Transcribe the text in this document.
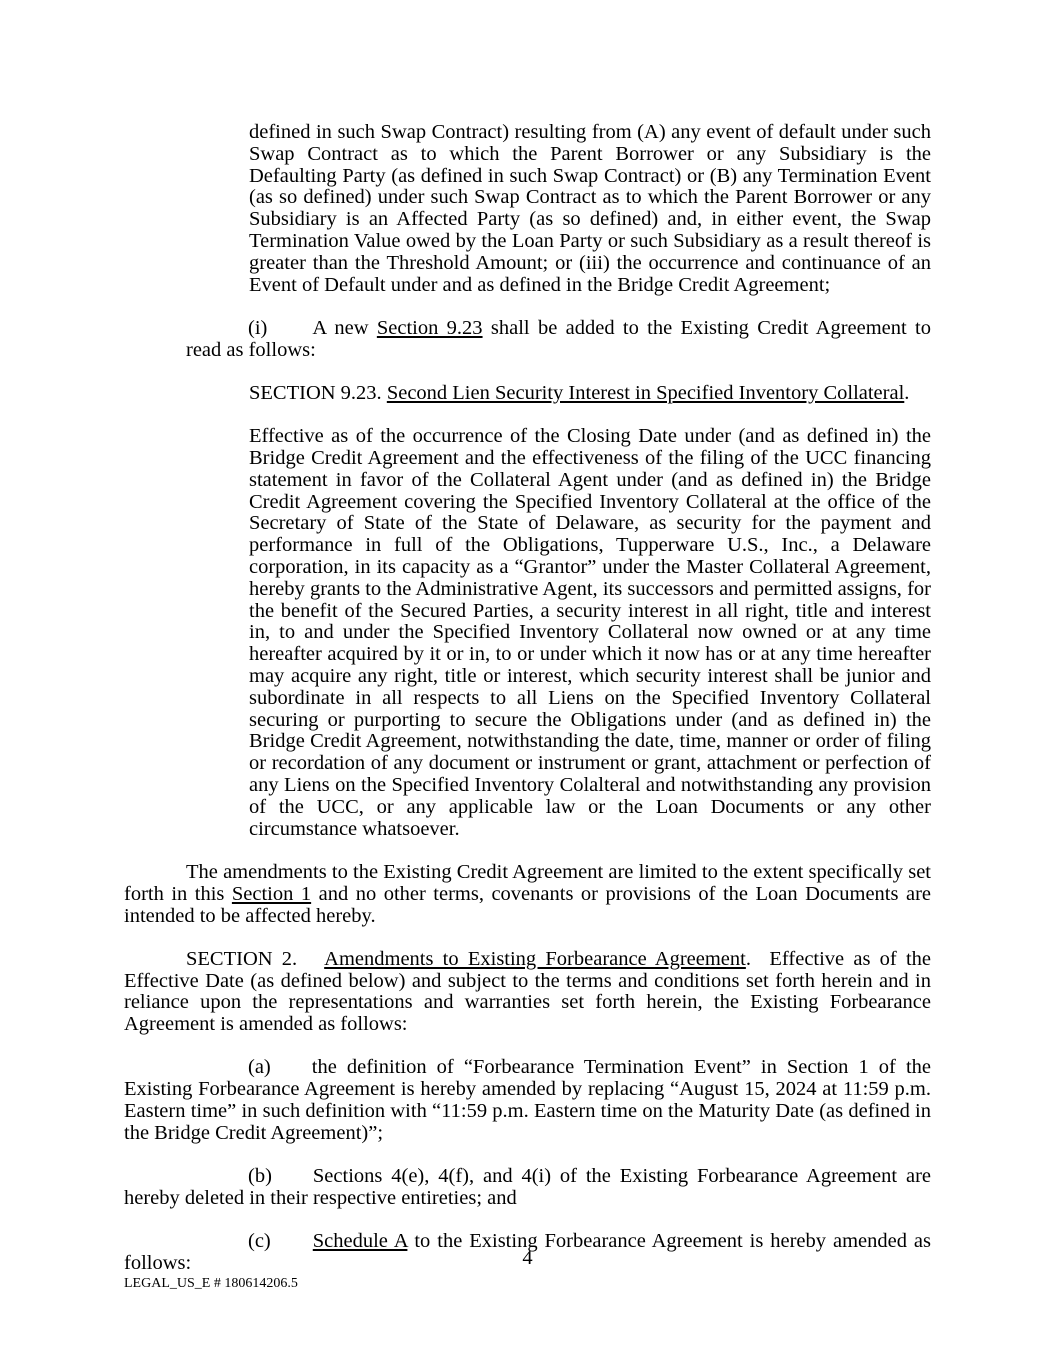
defined in such Swap Contract) resulting from (A) any event of default under such Swap Contract as to which the Parent Borrower or any Subsidiary is the Defaulting Party (as defined in such Swap Contract) or (B) any Termination Event (as so defined) under such Swap Contract as to which the Parent Borrower or any Subsidiary is an Affected Party (as so defined) and, in either event, the Swap Termination Value owed by the Loan Party or such Subsidiary as a result thereof is greater than the Threshold Amount; or (iii) the occurrence and continuance of an Event of Default under and as defined in the Bridge Credit Agreement;

(i) A new Section 9.23 shall be added to the Existing Credit Agreement to read as follows:

SECTION 9.23. Second Lien Security Interest in Specified Inventory Collateral.

Effective as of the occurrence of the Closing Date under (and as defined in) the Bridge Credit Agreement and the effectiveness of the filing of the UCC financing statement in favor of the Collateral Agent under (and as defined in) the Bridge Credit Agreement covering the Specified Inventory Collateral at the office of the Secretary of State of the State of Delaware, as security for the payment and performance in full of the Obligations, Tupperware U.S., Inc., a Delaware corporation, in its capacity as a “Grantor” under the Master Collateral Agreement, hereby grants to the Administrative Agent, its successors and permitted assigns, for the benefit of the Secured Parties, a security interest in all right, title and interest in, to and under the Specified Inventory Collateral now owned or at any time hereafter acquired by it or in, to or under which it now has or at any time hereafter may acquire any right, title or interest, which security interest shall be junior and subordinate in all respects to all Liens on the Specified Inventory Collateral securing or purporting to secure the Obligations under (and as defined in) the Bridge Credit Agreement, notwithstanding the date, time, manner or order of filing or recordation of any document or instrument or grant, attachment or perfection of any Liens on the Specified Inventory Colalteral and notwithstanding any provision of the UCC, or any applicable law or the Loan Documents or any other circumstance whatsoever.

The amendments to the Existing Credit Agreement are limited to the extent specifically set forth in this Section 1 and no other terms, covenants or provisions of the Loan Documents are intended to be affected hereby.

SECTION 2. Amendments to Existing Forbearance Agreement.  Effective as of the Effective Date (as defined below) and subject to the terms and conditions set forth herein and in reliance upon the representations and warranties set forth herein, the Existing Forbearance Agreement is amended as follows:

(a) the definition of “Forbearance Termination Event” in Section 1 of the Existing Forbearance Agreement is hereby amended by replacing “August 15, 2024 at 11:59 p.m. Eastern time” in such definition with “11:59 p.m. Eastern time on the Maturity Date (as defined in the Bridge Credit Agreement)”;

(b) Sections 4(e), 4(f), and 4(i) of the Existing Forbearance Agreement are hereby deleted in their respective entireties; and

(c) Schedule A to the Existing Forbearance Agreement is hereby amended as follows:	4
LEGAL_US_E # 180614206.5
